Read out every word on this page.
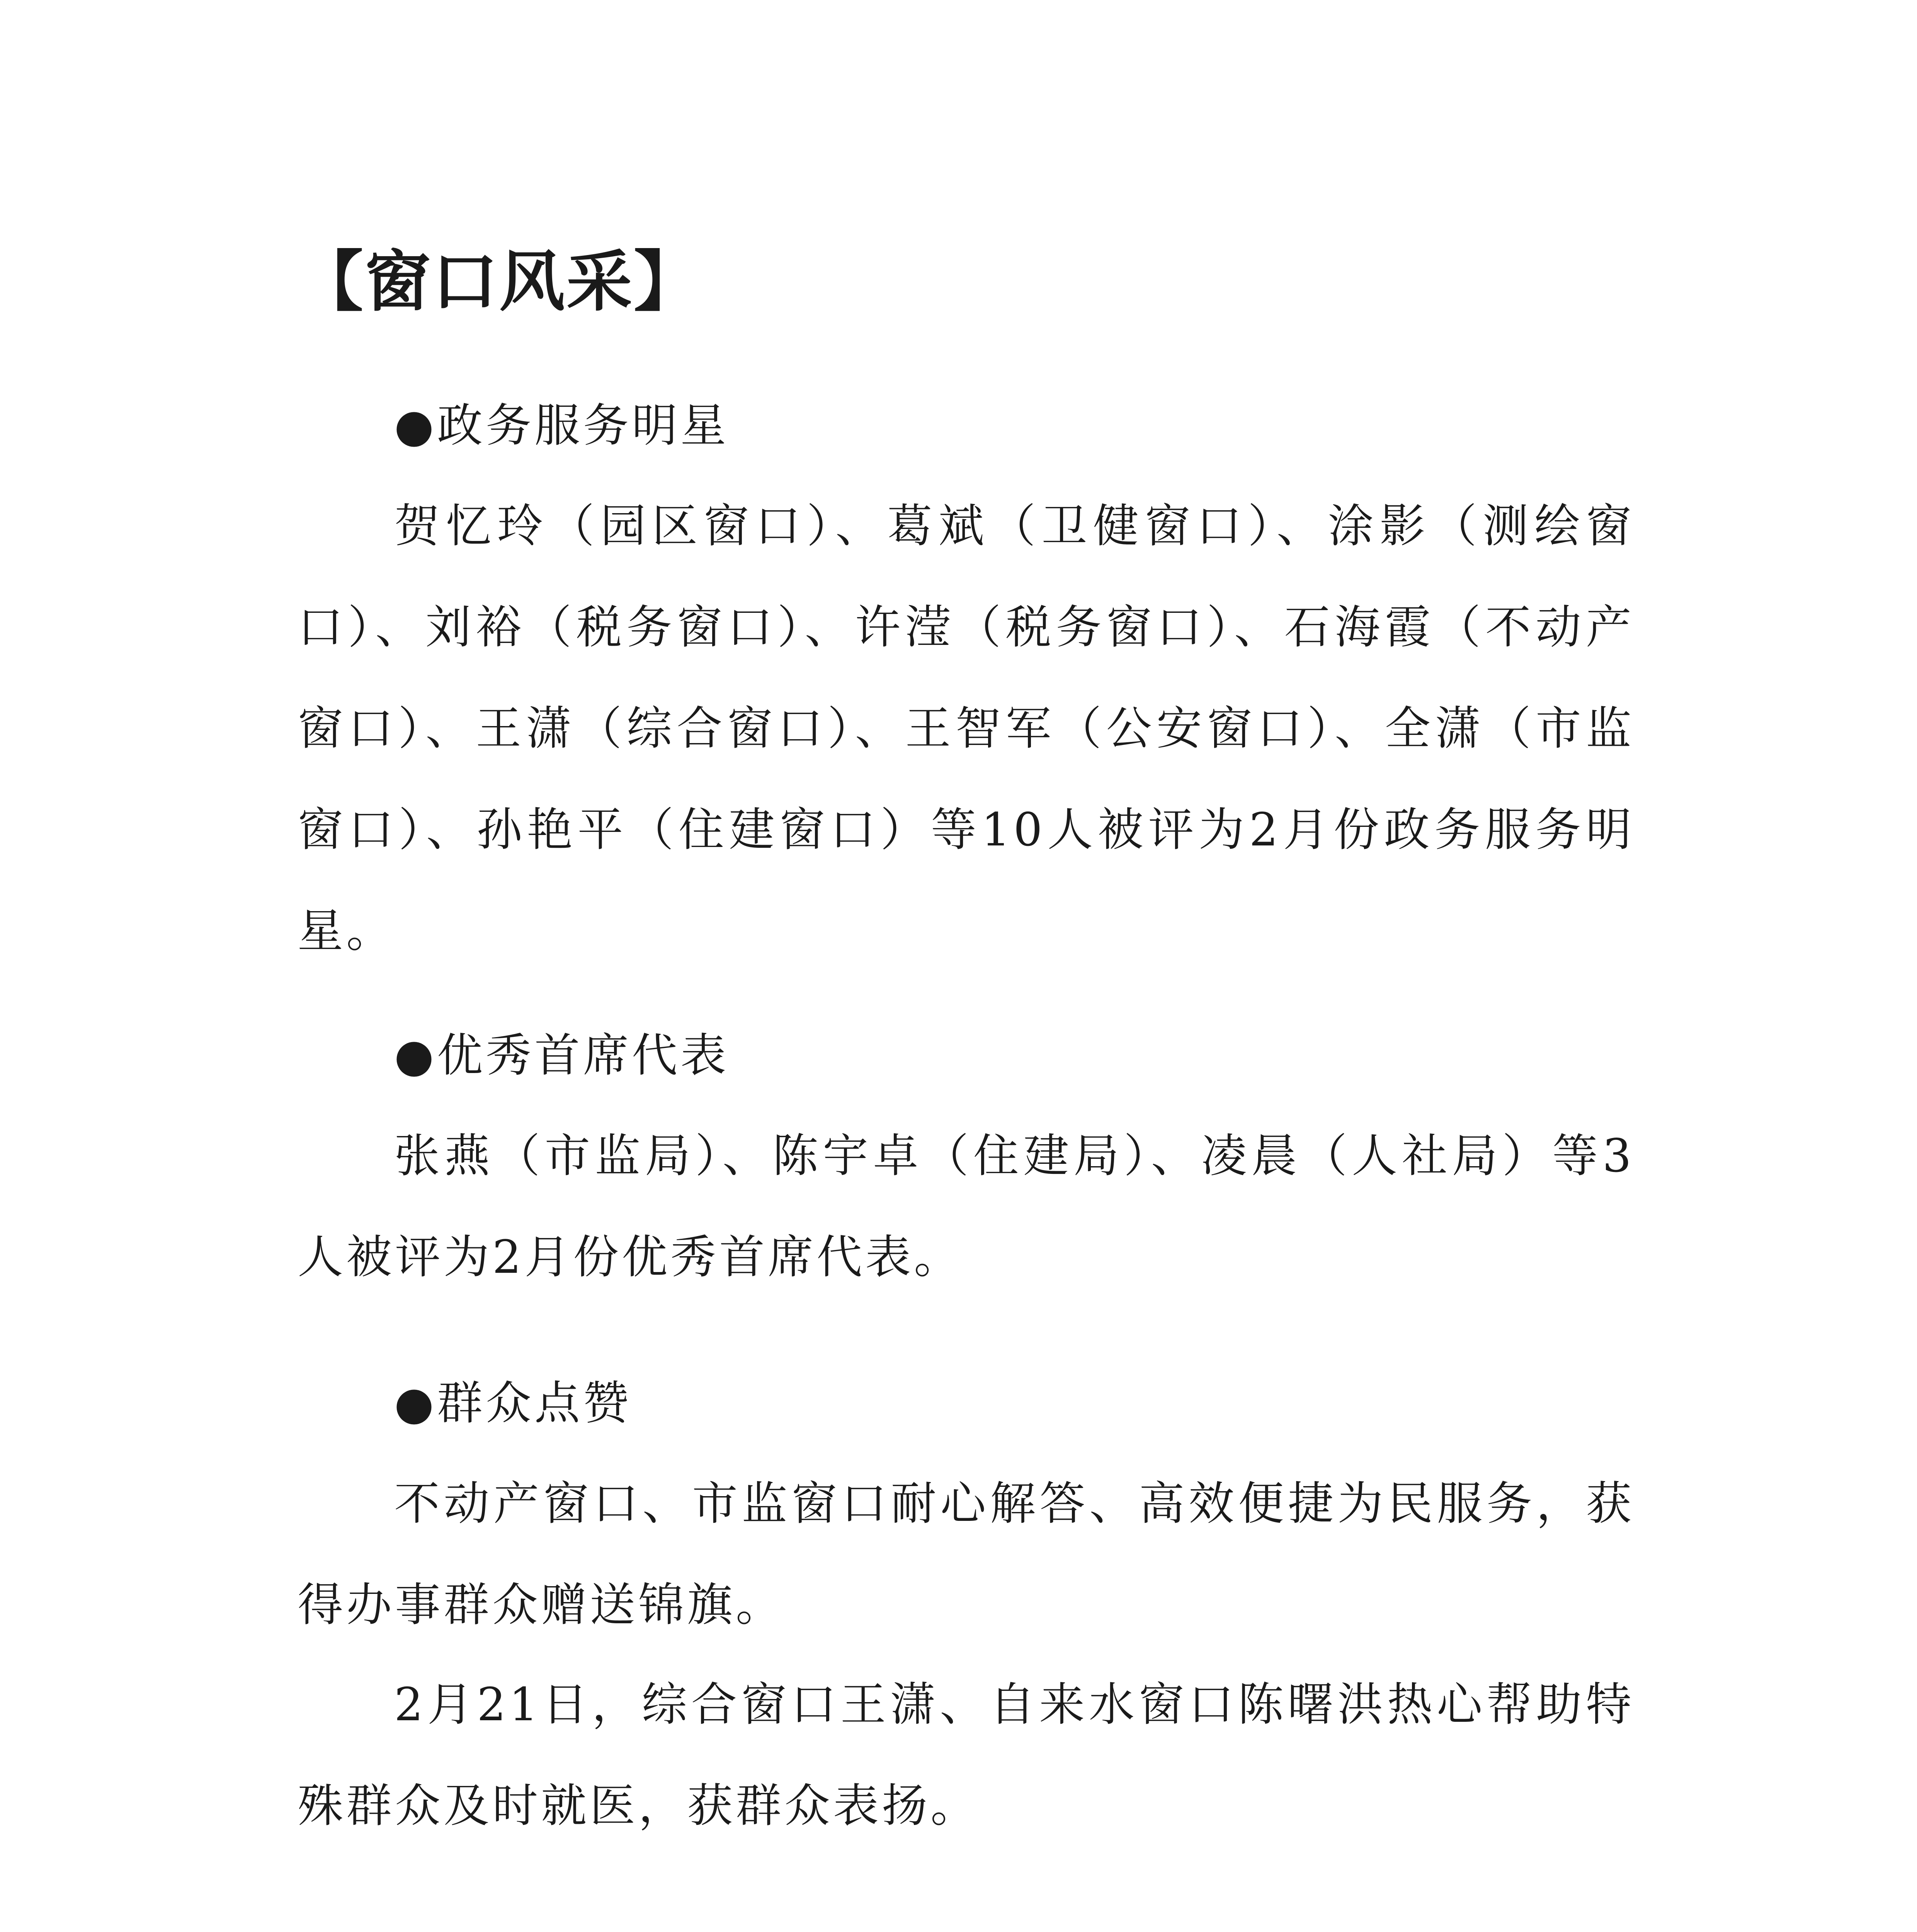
【窗口风采】
●政务服务明星
贺忆玲（园区窗口）、葛斌（卫健窗口）、涂影（测绘窗口）、刘裕（税务窗口）、许滢（税务窗口）、石海霞（不动产窗口）、王潇（综合窗口）、王智军（公安窗口）、全潇（市监窗口）、孙艳平（住建窗口）等10人被评为2月份政务服务明星。
●优秀首席代表
张燕（市监局）、陈宇卓（住建局）、凌晨（人社局）等3人被评为2月份优秀首席代表。
●群众点赞
不动产窗口、市监窗口耐心解答、高效便捷为民服务，获得办事群众赠送锦旗。
2月21日，综合窗口王潇、自来水窗口陈曙洪热心帮助特殊群众及时就医，获群众表扬。
